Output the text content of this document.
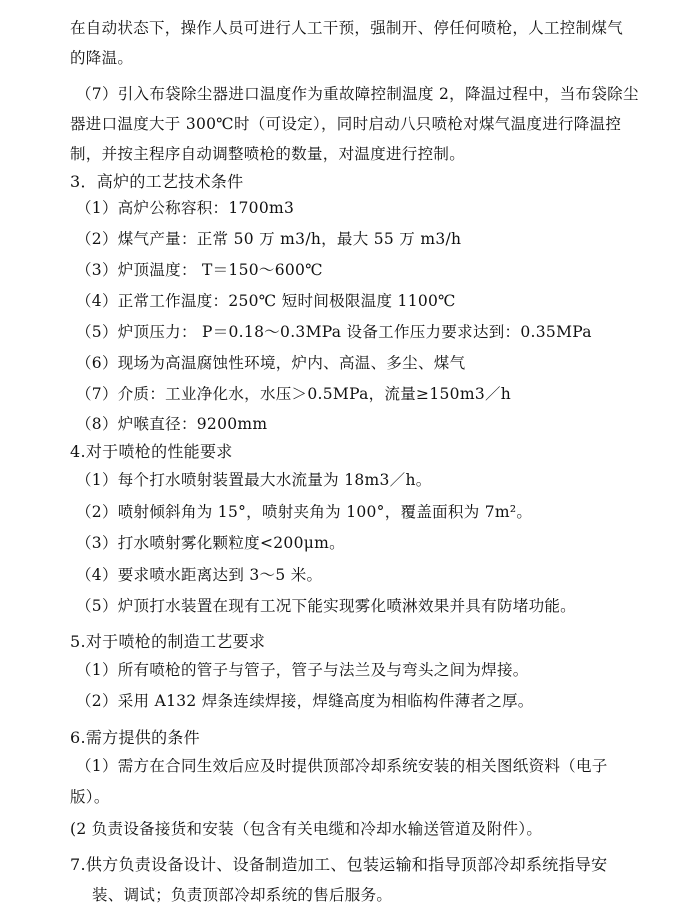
在自动状态下，操作人员可进行人工干预，强制开、停任何喷枪，人工控制煤气
的降温。
（7）引入布袋除尘器进口温度作为重故障控制温度 2，降温过程中，当布袋除尘
器进口温度大于 300℃时（可设定），同时启动八只喷枪对煤气温度进行降温控
制，并按主程序自动调整喷枪的数量，对温度进行控制。
3．高炉的工艺技术条件
（1）高炉公称容积：1700m3
（2）煤气产量：正常 50 万 m3/h，最大 55 万 m3/h
（3）炉顶温度： T＝150～600℃
（4）正常工作温度：250℃ 短时间极限温度 1100℃
（5）炉顶压力： P＝0.18～0.3MPa 设备工作压力要求达到：0.35MPa
（6）现场为高温腐蚀性环境，炉内、高温、多尘、煤气
（7）介质：工业净化水，水压＞0.5MPa，流量≥150m3／h
（8）炉喉直径：9200mm
4.对于喷枪的性能要求
（1）每个打水喷射装置最大水流量为 18m3／h。
（2）喷射倾斜角为 15°，喷射夹角为 100°，覆盖面积为 7m²。
（3）打水喷射雾化颗粒度<200μm。
（4）要求喷水距离达到 3～5 米。
（5）炉顶打水装置在现有工况下能实现雾化喷淋效果并具有防堵功能。
5.对于喷枪的制造工艺要求
（1）所有喷枪的管子与管子，管子与法兰及与弯头之间为焊接。
（2）采用 A132 焊条连续焊接，焊缝高度为相临构件薄者之厚。
6.需方提供的条件
（1）需方在合同生效后应及时提供顶部冷却系统安装的相关图纸资料（电子
版）。
(2 负责设备接货和安装（包含有关电缆和冷却水输送管道及附件）。
7.供方负责设备设计、设备制造加工、包装运输和指导顶部冷却系统指导安
装、调试；负责顶部冷却系统的售后服务。
